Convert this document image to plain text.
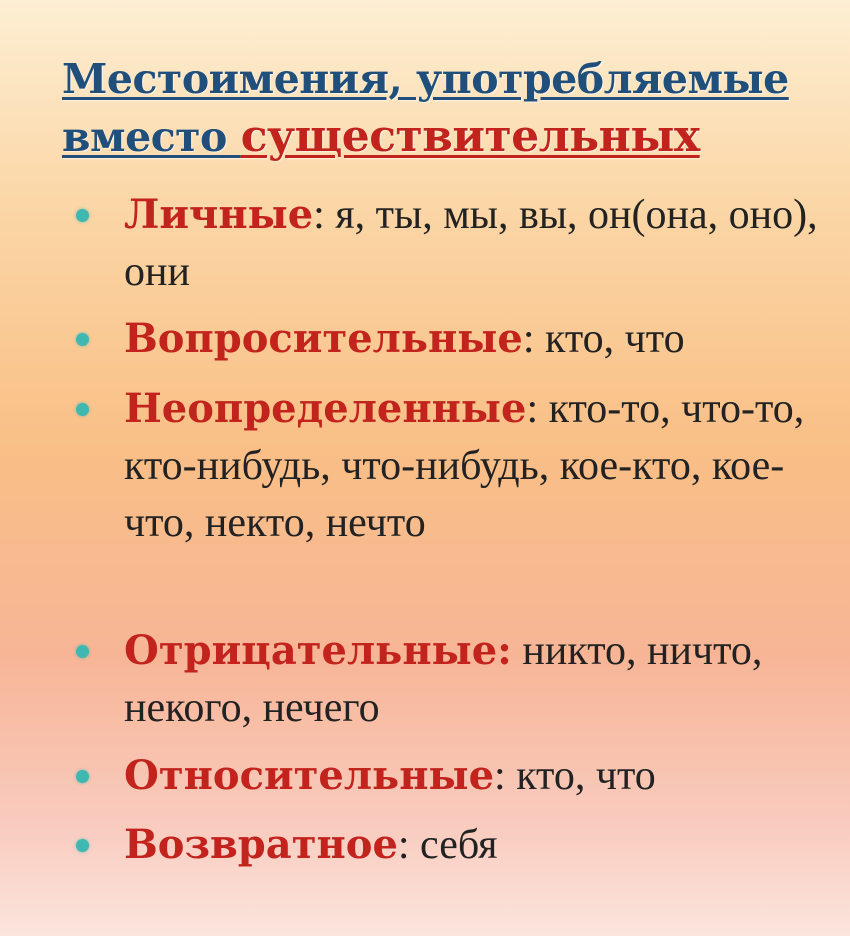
Местоимения, употребляемые
вместо существительных
Личные: я, ты, мы, вы, он(она, оно), они
Вопросительные: кто, что
Неопределенные: кто-то, что-то, кто-нибудь, что-нибудь, кое-кто, кое-что, некто, нечто
Отрицательные: никто, ничто, некого, нечего
Относительные: кто, что
Возвратное: себя
